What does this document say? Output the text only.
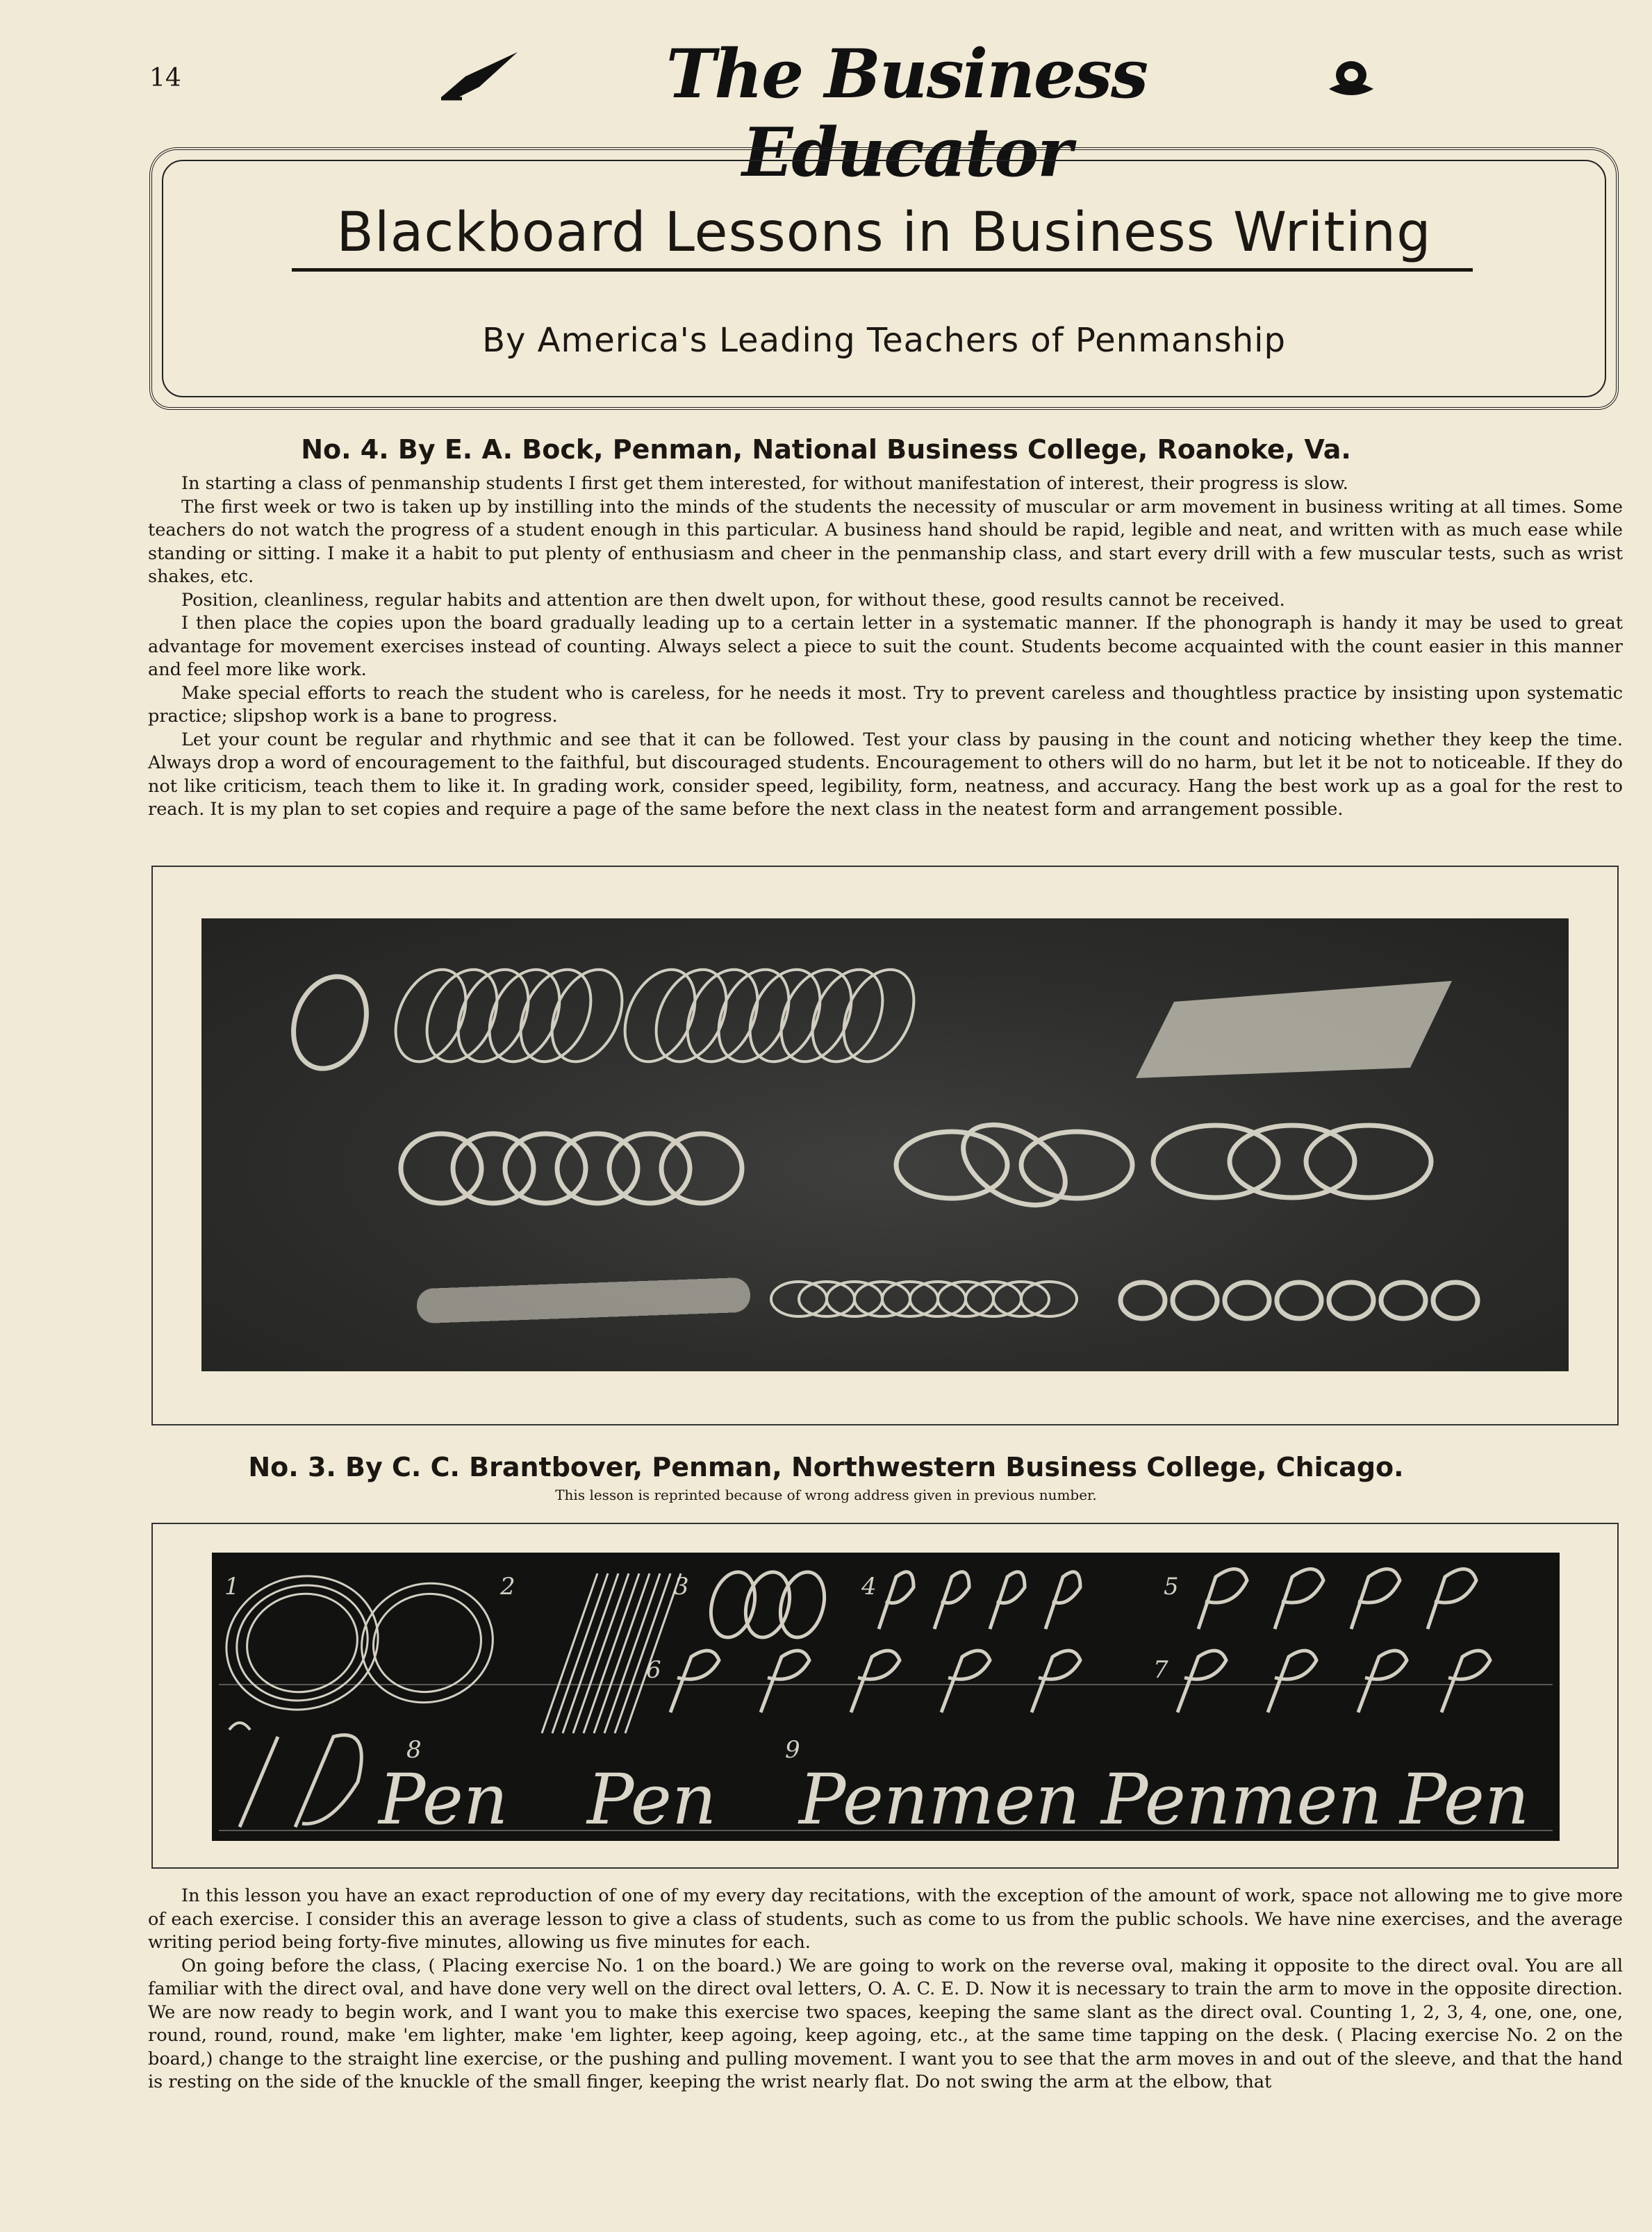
14	The Business Educator
Blackboard Lessons in Business Writing
By America's Leading Teachers of Penmanship
No. 4. By E. A. Bock, Penman, National Business College, Roanoke, Va.

In starting a class of penmanship students I first get them interested, for without manifestation of interest, their progress is slow.

The first week or two is taken up by instilling into the minds of the students the necessity of muscular or arm movement in business writing at all times. Some teachers do not watch the progress of a student enough in this particular. A business hand should be rapid, legible and neat, and written with as much ease while standing or sitting. I make it a habit to put plenty of enthusiasm and cheer in the penmanship class, and start every drill with a few muscular tests, such as wrist shakes, etc.

Position, cleanliness, regular habits and attention are then dwelt upon, for without these, good results cannot be received.

I then place the copies upon the board gradually leading up to a certain letter in a systematic manner. If the phonograph is handy it may be used to great advantage for movement exercises instead of counting. Always select a piece to suit the count. Students become acquainted with the count easier in this manner and feel more like work.

Make special efforts to reach the student who is careless, for he needs it most. Try to prevent careless and thoughtless practice by insisting upon systematic practice; slipshop work is a bane to progress.

Let your count be regular and rhythmic and see that it can be followed. Test your class by pausing in the count and noticing whether they keep the time. Always drop a word of encouragement to the faithful, but discouraged students. Encouragement to others will do no harm, but let it be not to noticeable. If they do not like criticism, teach them to like it. In grading work, consider speed, legibility, form, neatness, and accuracy. Hang the best work up as a goal for the rest to reach. It is my plan to set copies and require a page of the same before the next class in the neatest form and arrangement possible.

No. 3. By C. C. Brantbover, Penman, Northwestern Business College, Chicago.
This lesson is reprinted because of wrong address given in previous number.
1	2	3	4	5
6	7
8	9
Pen Pen Penmen Penmen Pen

In this lesson you have an exact reproduction of one of my every day recitations, with the exception of the amount of work, space not allowing me to give more of each exercise. I consider this an average lesson to give a class of students, such as come to us from the public schools. We have nine exercises, and the average writing period being forty-five minutes, allowing us five minutes for each.

On going before the class, ( Placing exercise No. 1 on the board.) We are going to work on the reverse oval, making it opposite to the direct oval. You are all familiar with the direct oval, and have done very well on the direct oval letters, O. A. C. E. D. Now it is necessary to train the arm to move in the opposite direction. We are now ready to begin work, and I want you to make this exercise two spaces, keeping the same slant as the direct oval. Counting 1, 2, 3, 4, one, one, one, round, round, round, make 'em lighter, make 'em lighter, keep agoing, keep agoing, etc., at the same time tapping on the desk. ( Placing exercise No. 2 on the board,) change to the straight line exercise, or the pushing and pulling movement. I want you to see that the arm moves in and out of the sleeve, and that the hand is resting on the side of the knuckle of the small finger, keeping the wrist nearly flat. Do not swing the arm at the elbow, that
